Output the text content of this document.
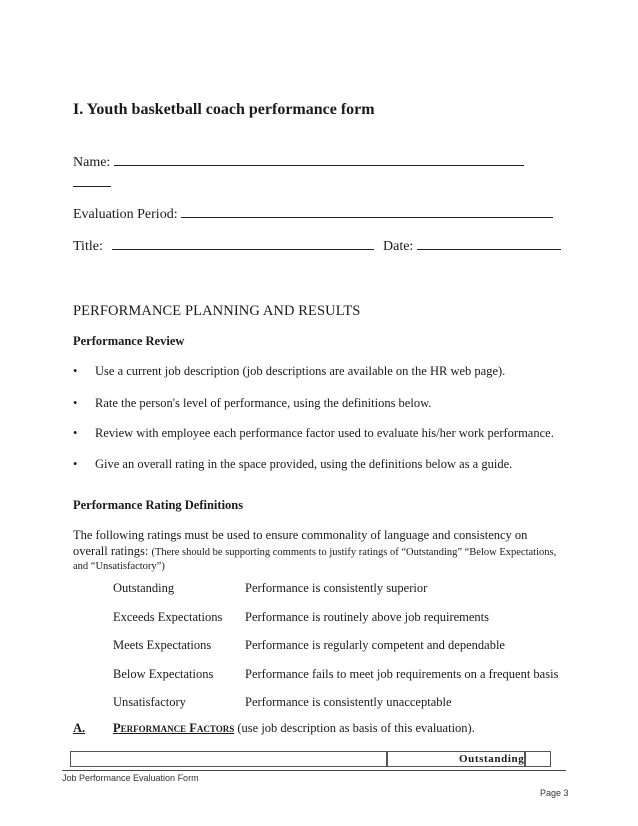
I. Youth basketball coach performance form
Name:
Evaluation Period:
Title:	Date:
PERFORMANCE PLANNING AND RESULTS
Performance Review
• Use a current job description (job descriptions are available on the HR web page).
• Rate the person's level of performance, using the definitions below.
• Review with employee each performance factor used to evaluate his/her work performance.
• Give an overall rating in the space provided, using the definitions below as a guide.
Performance Rating Definitions
The following ratings must be used to ensure commonality of language and consistency on
overall ratings: (There should be supporting comments to justify ratings of “Outstanding” “Below Expectations,
and “Unsatisfactory”)
Outstanding	Performance is consistently superior
Exceeds Expectations Performance is routinely above job requirements
Meets Expectations	Performance is regularly competent and dependable
Below Expectations	Performance fails to meet job requirements on a frequent basis
Unsatisfactory	Performance is consistently unacceptable
A. Performance Factors (use job description as basis of this evaluation).
Outstanding
Job Performance Evaluation Form
Page 3
